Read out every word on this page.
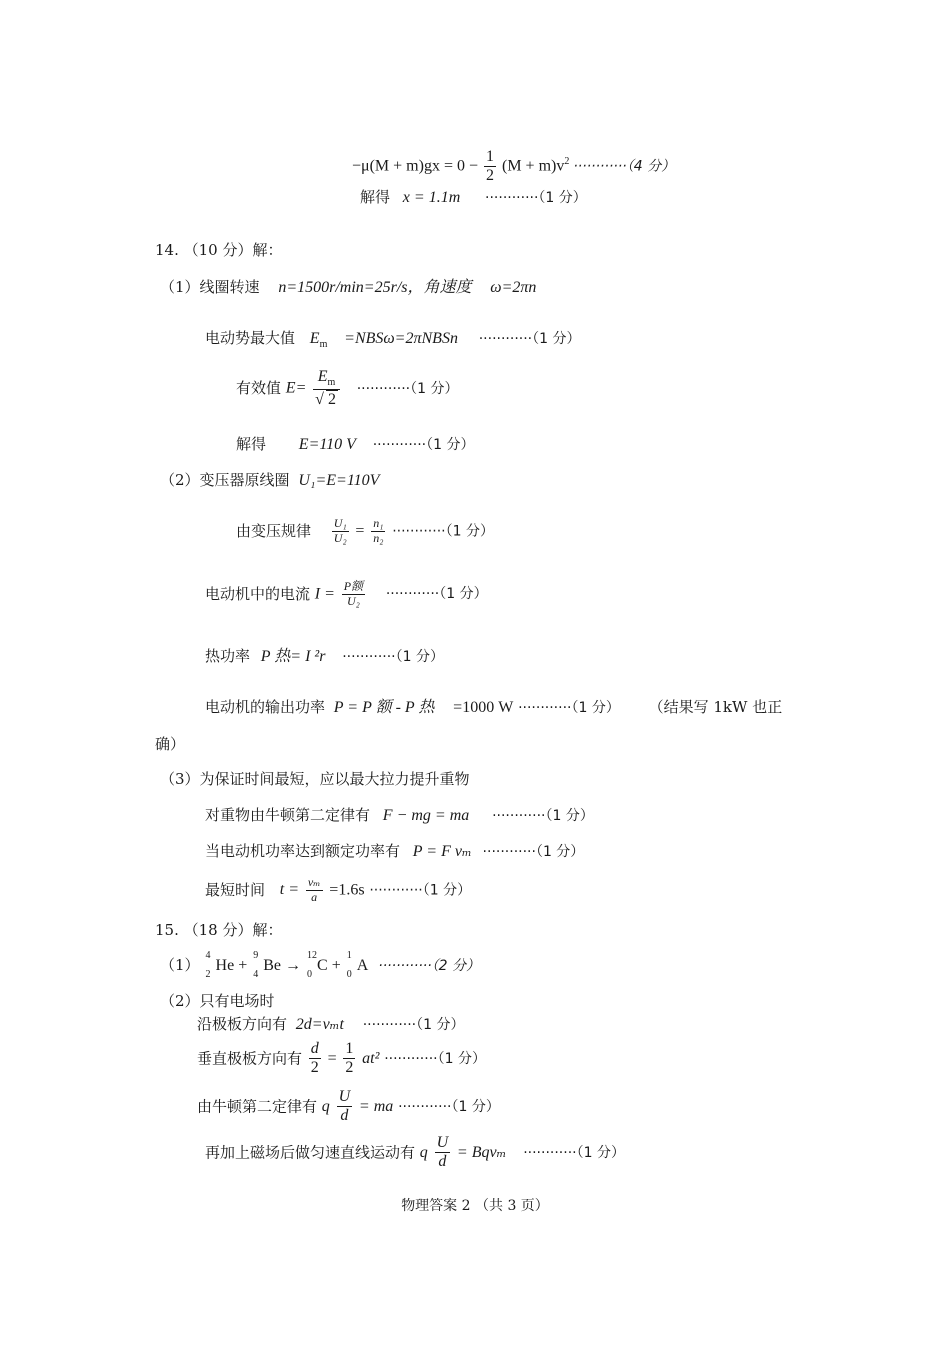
$-\mu(M + m)gx = 0 - \frac{1}{2} (M + m)v^2 \cdot\cdot\cdot\cdot\cdot\cdot\cdot\cdot\cdot\cdot\cdot\cdot(4$ 分）
解得 x = 1.1m ············（1 分）
14. （10 分）解：
（1）线圈转速 n=1500r/min=25r/s，角速度 ω=2πn
电动势最大值 $E_m$ =NBSω=2πNBSn ············（1 分）
有效值 $E= \frac{E_m}{√ 2} \cdot\cdot\cdot\cdot\cdot\cdot\cdot\cdot\cdot\cdot\cdot\cdot(1$ 分）
解得 E=110 V ············（1 分）
（2）变压器原线圈 U₁=E=110V
由变压规律 $\frac{\text{U₁}}{\text{U₂}} = \frac{\text{n₁}}{\text{n₂}} \cdot\cdot\cdot\cdot\cdot\cdot\cdot\cdot\cdot\cdot\cdot\cdot(1$ 分）
电动机中的电流 $I = \frac{\text{P额}}{\text{U₂}} \cdot\cdot\cdot\cdot\cdot\cdot\cdot\cdot\cdot\cdot\cdot\cdot(1$ 分）
热功率 P 热= I ²r ············（1 分）
电动机的输出功率 P = P 额 - P 热 =1000 W ············（1 分） （结果写 1kW 也正
确）
（3）为保证时间最短，应以最大拉力提升重物
对重物由牛顿第二定律有 F − mg = ma ············（1 分）
当电动机功率达到额定功率有 P = F vₘ ············（1 分）
最短时间 $t = \frac{\text{vₘ}}{a} =1.6s \cdot\cdot\cdot\cdot\cdot\cdot\cdot\cdot\cdot\cdot\cdot\cdot(1$ 分）
15. （18 分）解：
（1）
4
2
He +
9
4
Be →
12
0
C +
1
0
A ············（2 分）
（2）只有电场时
沿极板方向有 2d=vₘt ············（1 分）
垂直极板方向有 $\frac{d}{2} = \frac{1}{2} at^2 \cdot\cdot\cdot\cdot\cdot\cdot\cdot\cdot\cdot\cdot\cdot\cdot(1$ 分）
由牛顿第二定律有 q $\frac{U}{d}$ = ma ············（1 分）
再加上磁场后做匀速直线运动有 q $\frac{U}{d} = Bqv_m \cdot\cdot\cdot\cdot\cdot\cdot\cdot\cdot\cdot\cdot\cdot\cdot(1$ 分）
物理答案 2 （共 3 页）
